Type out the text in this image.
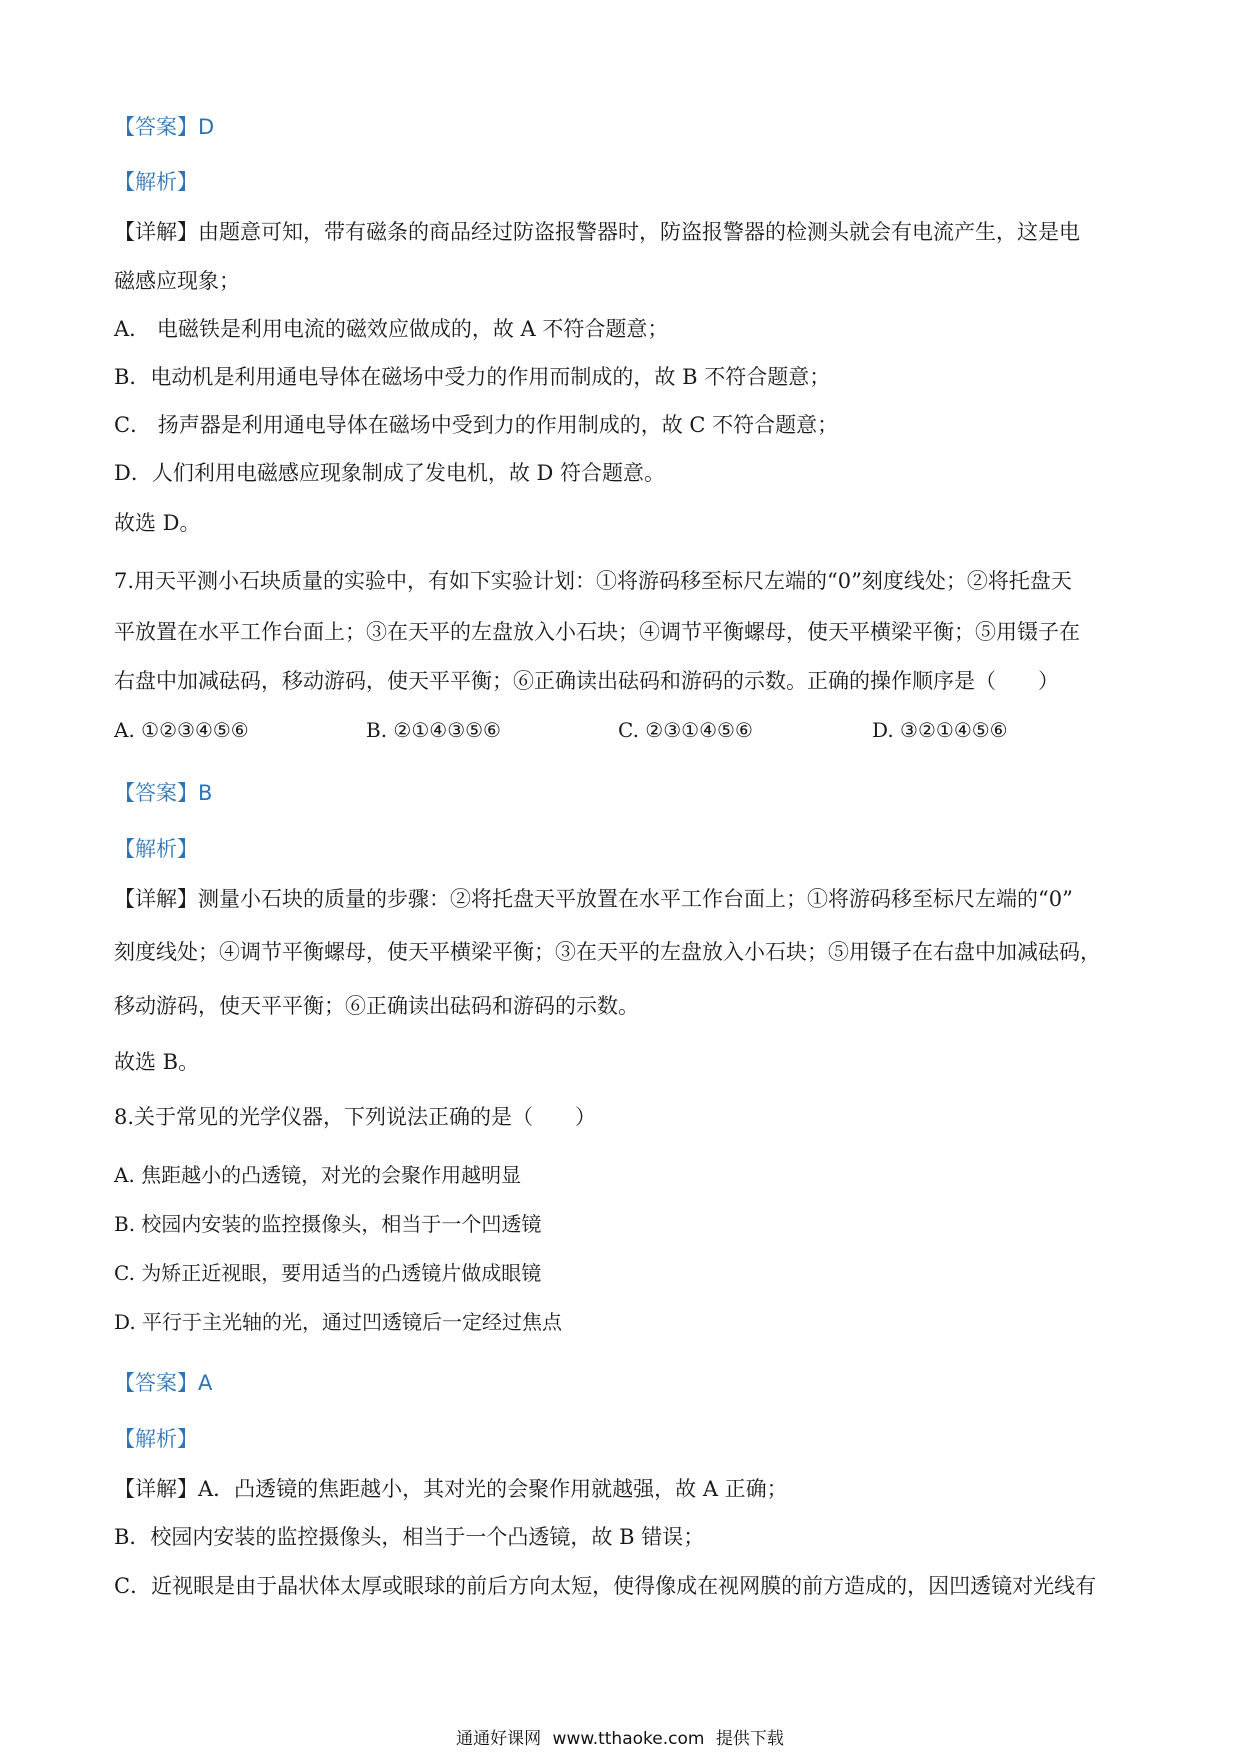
【答案】D
【解析】
【详解】由题意可知，带有磁条的商品经过防盗报警器时，防盗报警器的检测头就会有电流产生，这是电
磁感应现象；
A． 电磁铁是利用电流的磁效应做成的，故 A 不符合题意；
B．电动机是利用通电导体在磁场中受力的作用而制成的，故 B 不符合题意；
C． 扬声器是利用通电导体在磁场中受到力的作用制成的，故 C 不符合题意；
D．人们利用电磁感应现象制成了发电机，故 D 符合题意。
故选 D。
7.用天平测小石块质量的实验中，有如下实验计划：①将游码移至标尺左端的“0”刻度线处；②将托盘天
平放置在水平工作台面上；③在天平的左盘放入小石块；④调节平衡螺母，使天平横梁平衡；⑤用镊子在
右盘中加减砝码，移动游码，使天平平衡；⑥正确读出砝码和游码的示数。正确的操作顺序是（　　）
A. ①②③④⑤⑥	B. ②①④③⑤⑥	C. ②③①④⑤⑥	D. ③②①④⑤⑥
【答案】B
【解析】
【详解】测量小石块的质量的步骤：②将托盘天平放置在水平工作台面上；①将游码移至标尺左端的“0”
刻度线处；④调节平衡螺母，使天平横梁平衡；③在天平的左盘放入小石块；⑤用镊子在右盘中加减砝码，
移动游码，使天平平衡；⑥正确读出砝码和游码的示数。
故选 B。
8.关于常见的光学仪器，下列说法正确的是（　　）
A. 焦距越小的凸透镜，对光的会聚作用越明显
B. 校园内安装的监控摄像头，相当于一个凹透镜
C. 为矫正近视眼，要用适当的凸透镜片做成眼镜
D. 平行于主光轴的光，通过凹透镜后一定经过焦点
【答案】A
【解析】
【详解】A．凸透镜的焦距越小，其对光的会聚作用就越强，故 A 正确；
B．校园内安装的监控摄像头，相当于一个凸透镜，故 B 错误；
C．近视眼是由于晶状体太厚或眼球的前后方向太短，使得像成在视网膜的前方造成的，因凹透镜对光线有
通通好课网 www.tthaoke.com 提供下载
